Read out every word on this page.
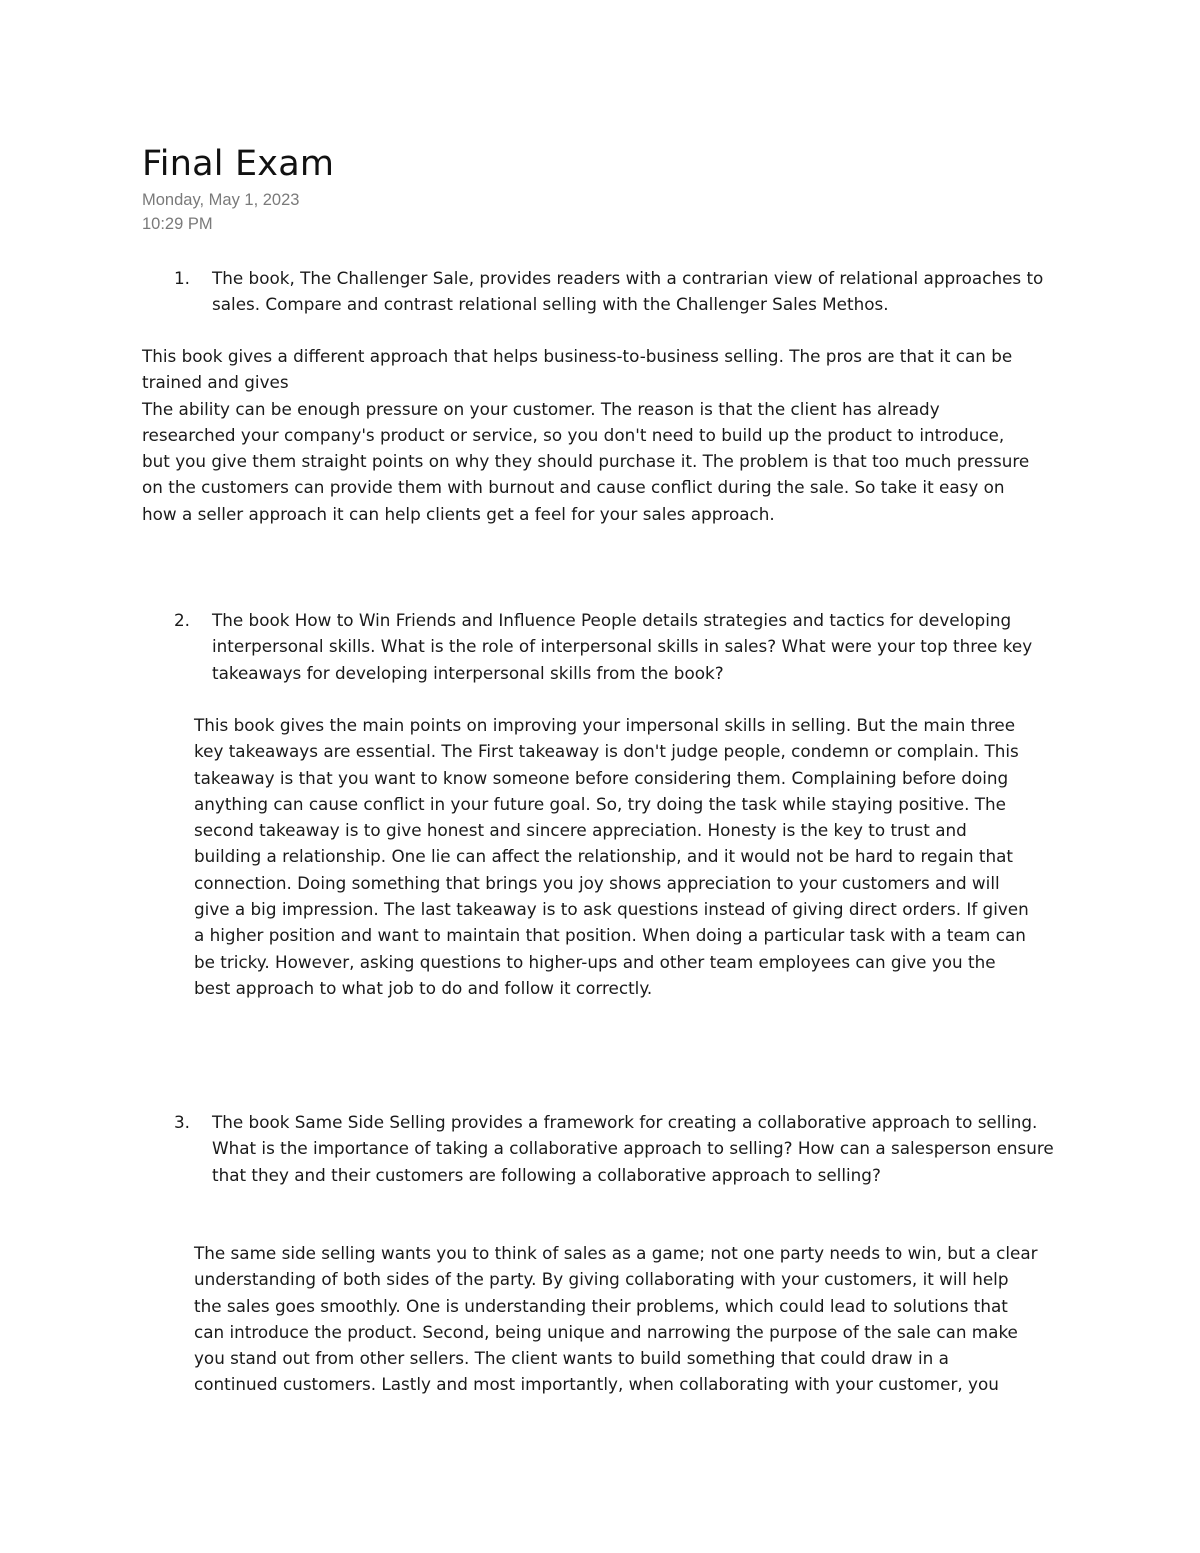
Final Exam
Monday, May 1, 2023
10:29 PM
1. The book, The Challenger Sale, provides readers with a contrarian view of relational approaches to sales. Compare and contrast relational selling with the Challenger Sales Methos.
This book gives a different approach that helps business-to-business selling. The pros are that it can be
trained and gives
The ability can be enough pressure on your customer. The reason is that the client has already
researched your company's product or service, so you don't need to build up the product to introduce,
but you give them straight points on why they should purchase it. The problem is that too much pressure
on the customers can provide them with burnout and cause conflict during the sale. So take it easy on
how a seller approach it can help clients get a feel for your sales approach.
2. The book How to Win Friends and Influence People details strategies and tactics for developing interpersonal skills. What is the role of interpersonal skills in sales? What were your top three key takeaways for developing interpersonal skills from the book?
This book gives the main points on improving your impersonal skills in selling. But the main three
key takeaways are essential. The First takeaway is don't judge people, condemn or complain. This
takeaway is that you want to know someone before considering them. Complaining before doing
anything can cause conflict in your future goal. So, try doing the task while staying positive. The
second takeaway is to give honest and sincere appreciation. Honesty is the key to trust and
building a relationship. One lie can affect the relationship, and it would not be hard to regain that
connection. Doing something that brings you joy shows appreciation to your customers and will
give a big impression. The last takeaway is to ask questions instead of giving direct orders. If given
a higher position and want to maintain that position. When doing a particular task with a team can
be tricky. However, asking questions to higher-ups and other team employees can give you the
best approach to what job to do and follow it correctly.
3. The book Same Side Selling provides a framework for creating a collaborative approach to selling. What is the importance of taking a collaborative approach to selling? How can a salesperson ensure that they and their customers are following a collaborative approach to selling?
The same side selling wants you to think of sales as a game; not one party needs to win, but a clear
understanding of both sides of the party. By giving collaborating with your customers, it will help
the sales goes smoothly. One is understanding their problems, which could lead to solutions that
can introduce the product. Second, being unique and narrowing the purpose of the sale can make
you stand out from other sellers. The client wants to build something that could draw in a
continued customers. Lastly and most importantly, when collaborating with your customer, you
